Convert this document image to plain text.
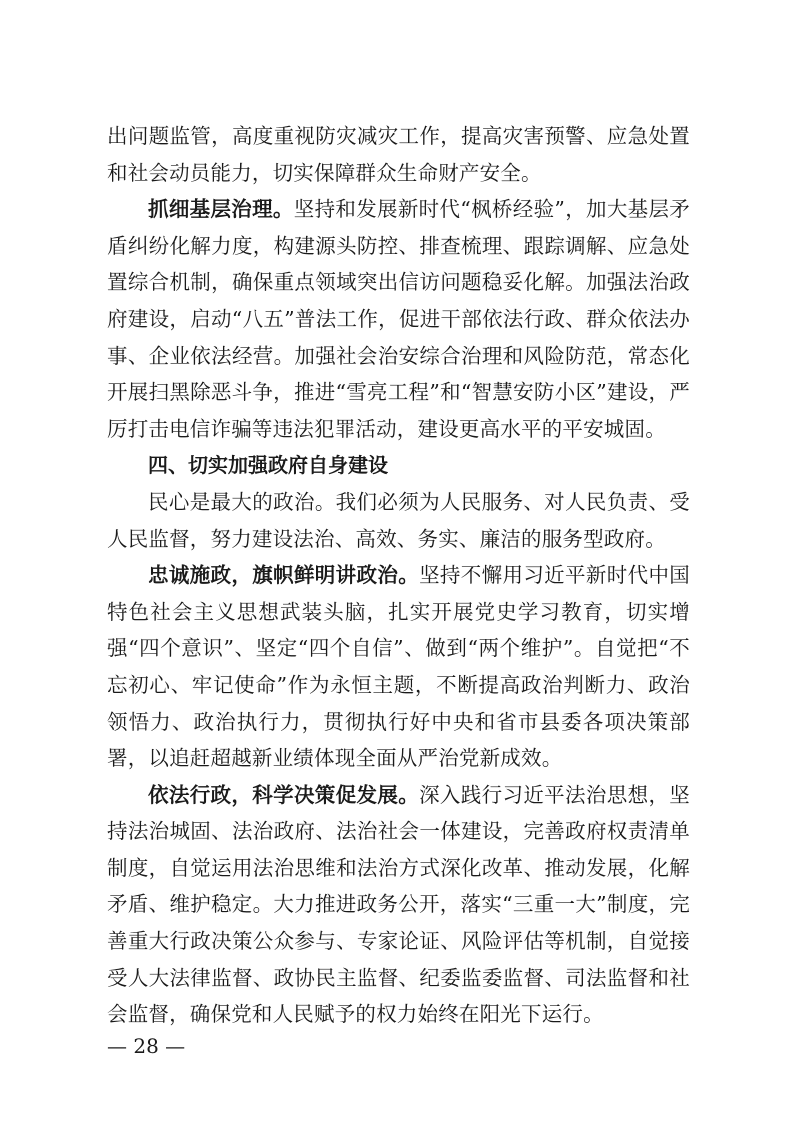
出问题监管，高度重视防灾减灾工作，提高灾害预警、应急处置和社会动员能力，切实保障群众生命财产安全。

抓细基层治理。坚持和发展新时代“枫桥经验”，加大基层矛盾纠纷化解力度，构建源头防控、排查梳理、跟踪调解、应急处置综合机制，确保重点领域突出信访问题稳妥化解。加强法治政府建设，启动“八五”普法工作，促进干部依法行政、群众依法办事、企业依法经营。加强社会治安综合治理和风险防范，常态化开展扫黑除恶斗争，推进“雪亮工程”和“智慧安防小区”建设，严厉打击电信诈骗等违法犯罪活动，建设更高水平的平安城固。

四、切实加强政府自身建设

民心是最大的政治。我们必须为人民服务、对人民负责、受人民监督，努力建设法治、高效、务实、廉洁的服务型政府。

忠诚施政，旗帜鲜明讲政治。坚持不懈用习近平新时代中国特色社会主义思想武装头脑，扎实开展党史学习教育，切实增强“四个意识”、坚定“四个自信”、做到“两个维护”。自觉把“不忘初心、牢记使命”作为永恒主题，不断提高政治判断力、政治领悟力、政治执行力，贯彻执行好中央和省市县委各项决策部署，以追赶超越新业绩体现全面从严治党新成效。

依法行政，科学决策促发展。深入践行习近平法治思想，坚持法治城固、法治政府、法治社会一体建设，完善政府权责清单制度，自觉运用法治思维和法治方式深化改革、推动发展，化解矛盾、维护稳定。大力推进政务公开，落实“三重一大”制度，完善重大行政决策公众参与、专家论证、风险评估等机制，自觉接受人大法律监督、政协民主监督、纪委监委监督、司法监督和社会监督，确保党和人民赋予的权力始终在阳光下运行。

— 28 —
